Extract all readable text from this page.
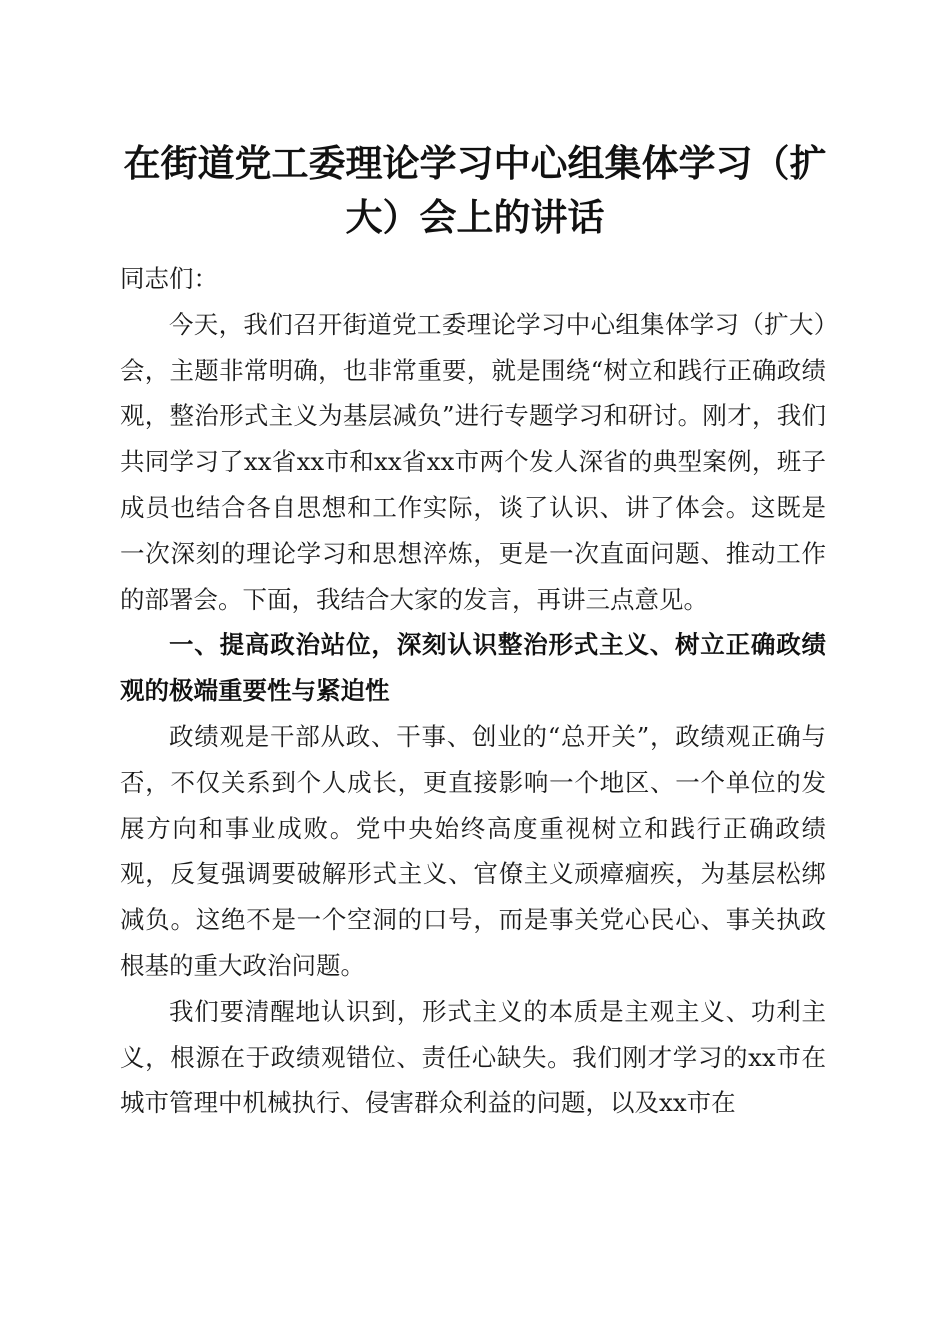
在街道党工委理论学习中心组集体学习（扩大）会上的讲话

同志们：

今天，我们召开街道党工委理论学习中心组集体学习（扩大）会，主题非常明确，也非常重要，就是围绕“树立和践行正确政绩观，整治形式主义为基层减负”进行专题学习和研讨。刚才，我们共同学习了xx省xx市和xx省xx市两个发人深省的典型案例，班子成员也结合各自思想和工作实际，谈了认识、讲了体会。这既是一次深刻的理论学习和思想淬炼，更是一次直面问题、推动工作的部署会。下面，我结合大家的发言，再讲三点意见。

一、提高政治站位，深刻认识整治形式主义、树立正确政绩观的极端重要性与紧迫性

政绩观是干部从政、干事、创业的“总开关”，政绩观正确与否，不仅关系到个人成长，更直接影响一个地区、一个单位的发展方向和事业成败。党中央始终高度重视树立和践行正确政绩观，反复强调要破解形式主义、官僚主义顽瘴痼疾，为基层松绑减负。这绝不是一个空洞的口号，而是事关党心民心、事关执政根基的重大政治问题。

我们要清醒地认识到，形式主义的本质是主观主义、功利主义，根源在于政绩观错位、责任心缺失。我们刚才学习的xx市在城市管理中机械执行、侵害群众利益的问题，以及xx市在
